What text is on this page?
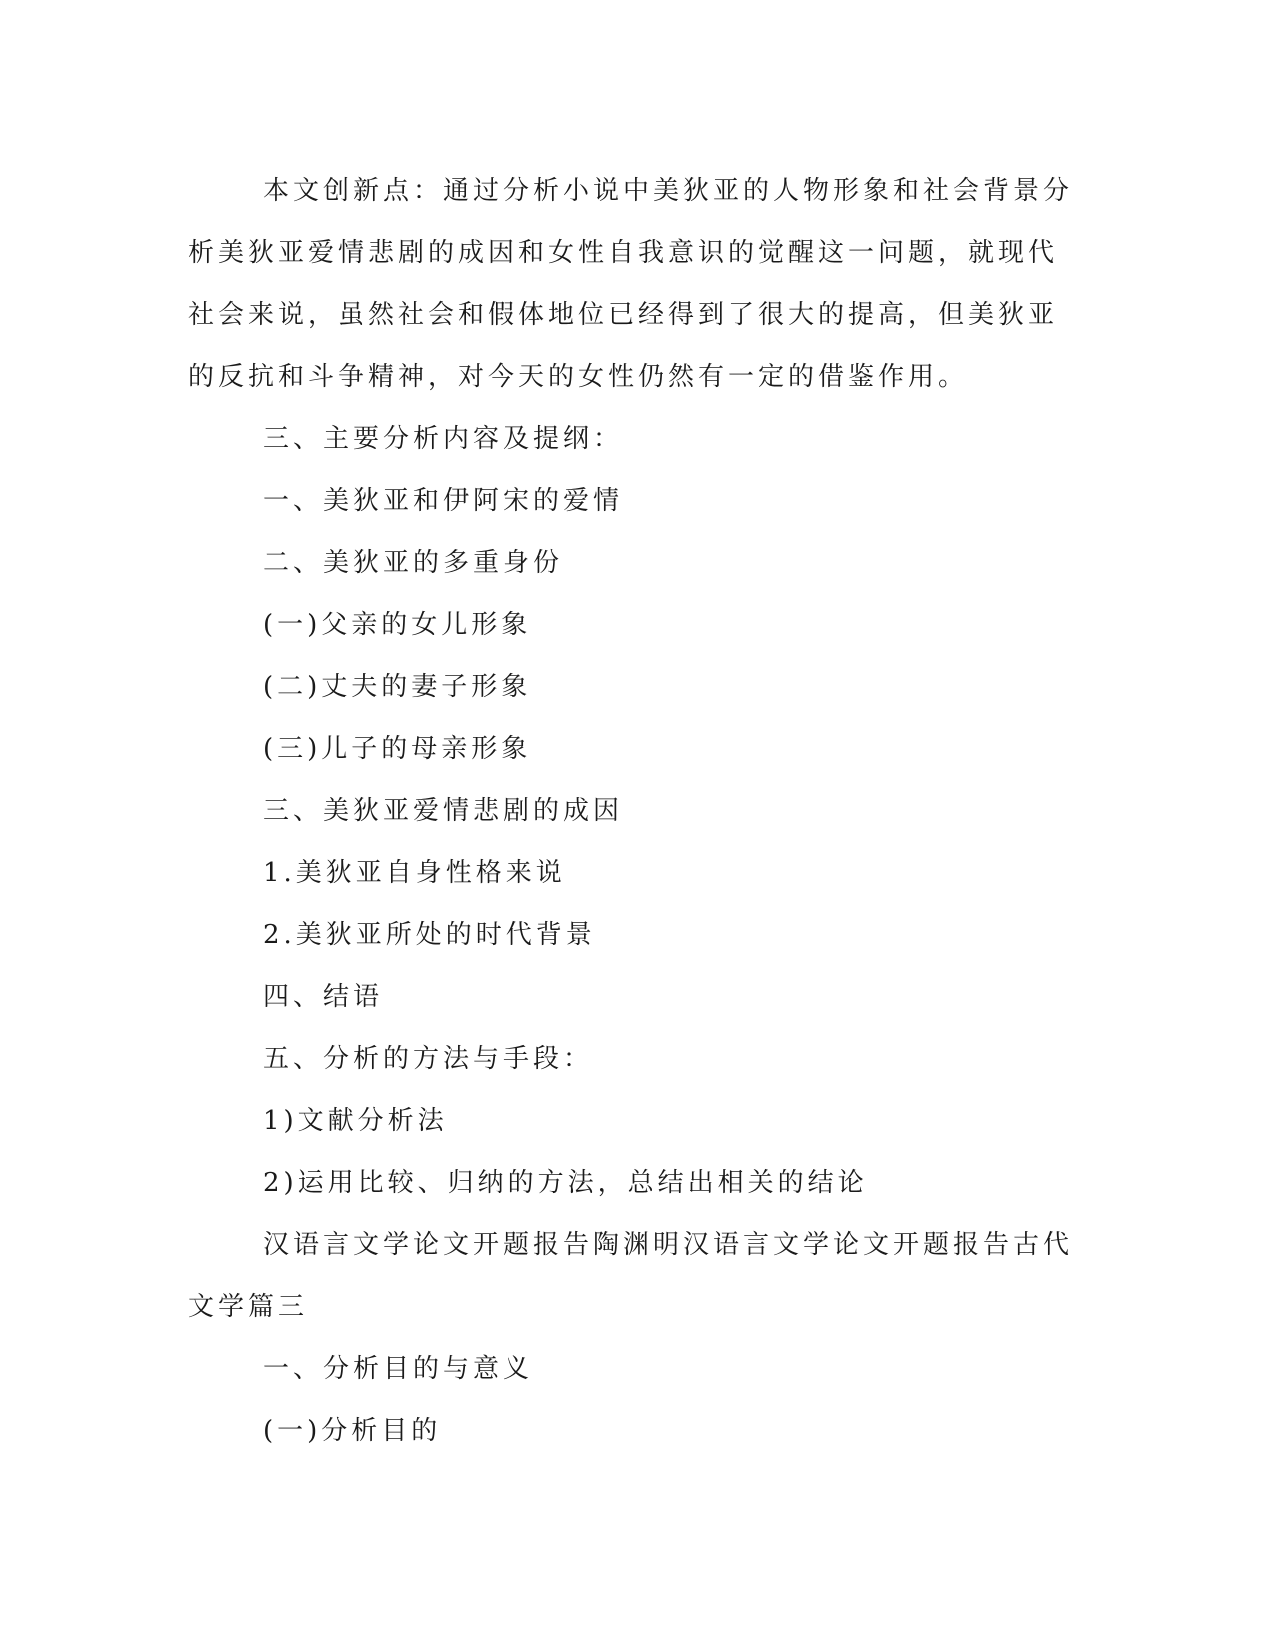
本文创新点：通过分析小说中美狄亚的人物形象和社会背景分析美狄亚爱情悲剧的成因和女性自我意识的觉醒这一问题，就现代社会来说，虽然社会和假体地位已经得到了很大的提高，但美狄亚的反抗和斗争精神，对今天的女性仍然有一定的借鉴作用。

三、主要分析内容及提纲：

一、美狄亚和伊阿宋的爱情

二、美狄亚的多重身份

(一)父亲的女儿形象

(二)丈夫的妻子形象

(三)儿子的母亲形象

三、美狄亚爱情悲剧的成因

1.美狄亚自身性格来说

2.美狄亚所处的时代背景

四、结语

五、分析的方法与手段：

1)文献分析法

2)运用比较、归纳的方法，总结出相关的结论

汉语言文学论文开题报告陶渊明汉语言文学论文开题报告古代文学篇三

一、分析目的与意义

(一)分析目的
